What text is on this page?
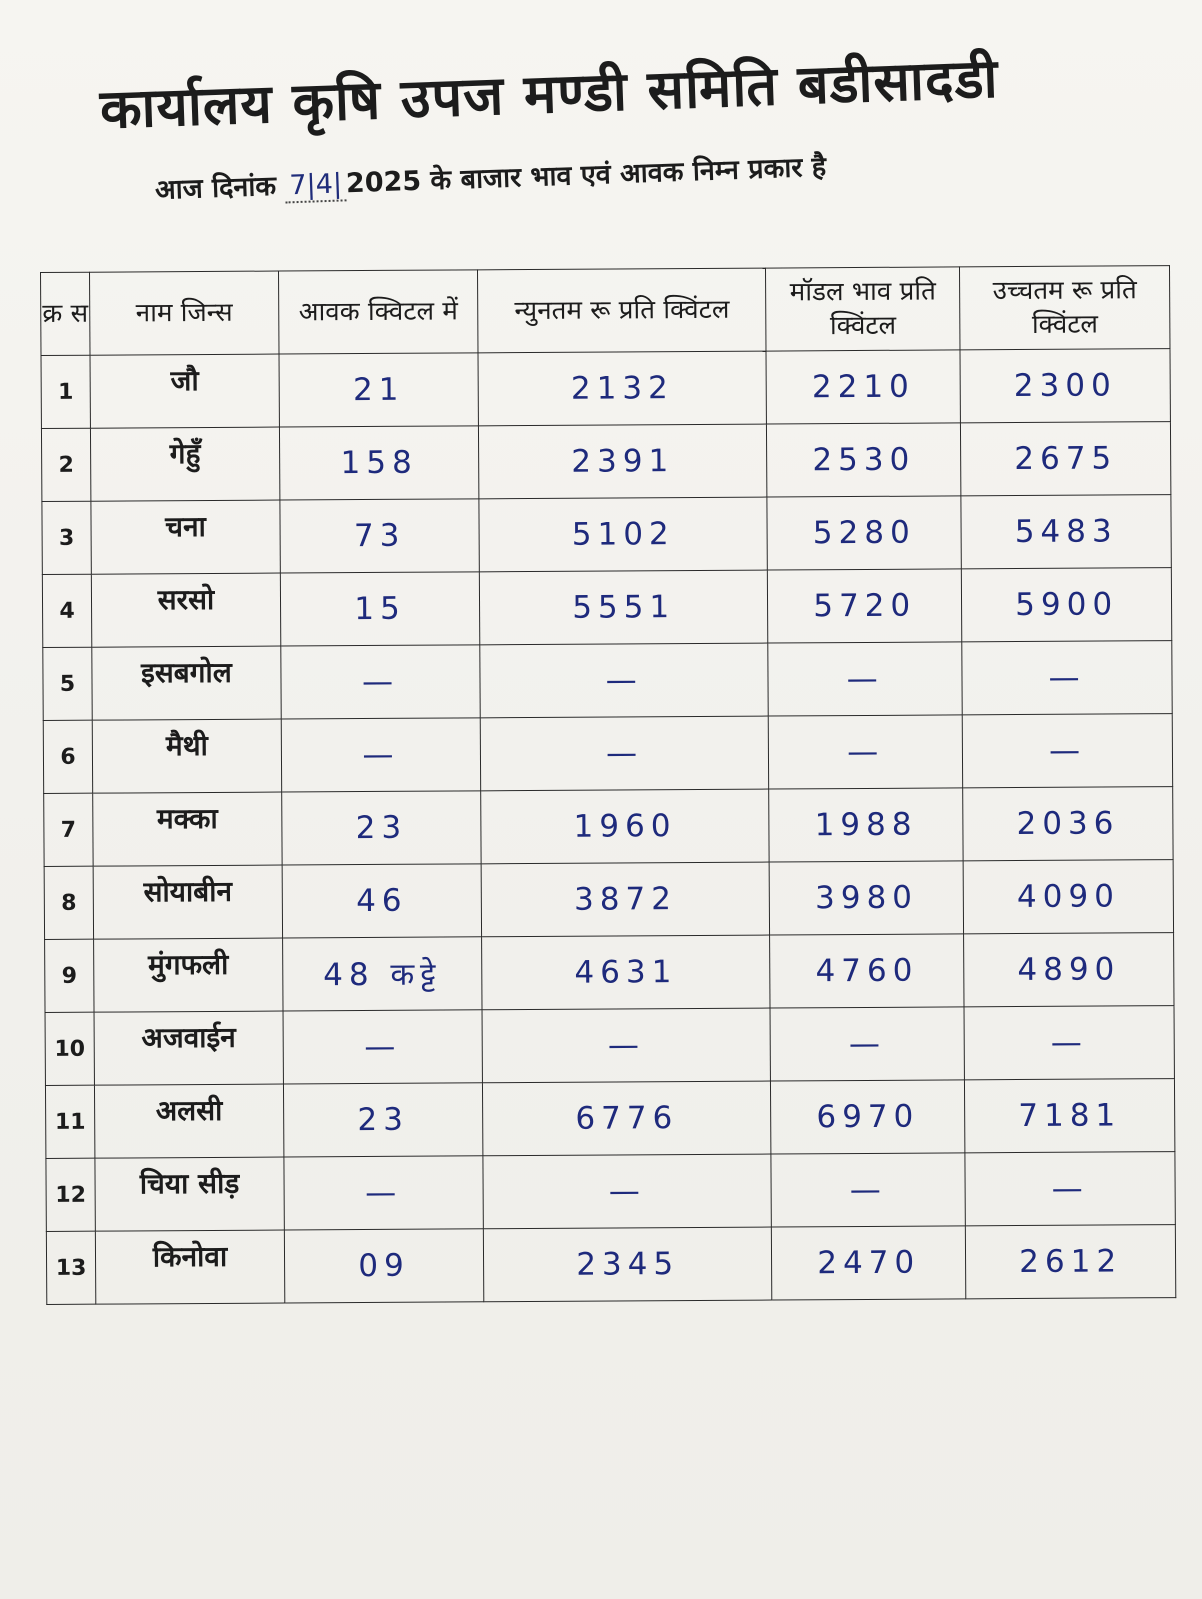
कार्यालय कृषि उपज मण्डी समिति बडीसादडी
आज दिनांक 7|4| 2025 के बाजार भाव एवं आवक निम्न प्रकार है
क्र स	नाम जिन्स	आवक क्विटल में	न्युनतम रू प्रति क्विंटल	मॉडल भाव प्रति क्विंटल	उच्चतम रू प्रति क्विंटल
1	जौ	21	2132	2210	2300
2	गेहुँ	158	2391	2530	2675
3	चना	73	5102	5280	5483
4	सरसो	15	5551	5720	5900
5	इसबगोल	—	—	—	—
6	मैथी	—	—	—	—
7	मक्का	23	1960	1988	2036
8	सोयाबीन	46	3872	3980	4090
9	मुंगफली	48 कट्टे	4631	4760	4890
10	अजवाईन	—	—	—	—
11	अलसी	23	6776	6970	7181
12	चिया सीड़	—	—	—	—
13	किनोवा	09	2345	2470	2612
